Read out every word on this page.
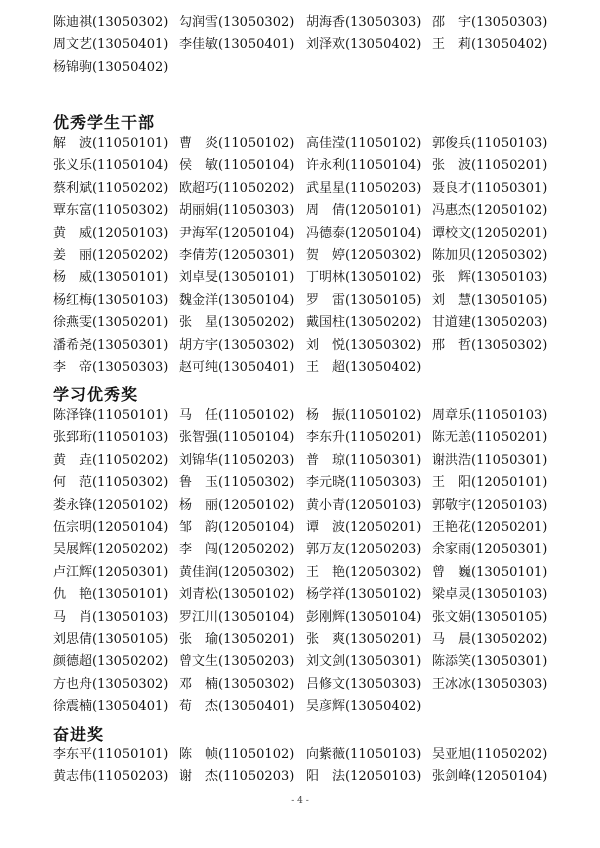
陈迪祺(13050302) 勾润雪(13050302) 胡海香(13050303) 邵　宇(13050303)
周文艺(13050401) 李佳敏(13050401) 刘泽欢(13050402) 王　莉(13050402)
杨锦驹(13050402)
优秀学生干部
解　波(11050101) 曹　炎(11050102) 高佳滢(11050102) 郭俊兵(11050103)
张义乐(11050104) 侯　敏(11050104) 许永利(11050104) 张　波(11050201)
蔡利斌(11050202) 欧超巧(11050202) 武星星(11050203) 聂良才(11050301)
覃东富(11050302) 胡丽娟(11050303) 周　倩(12050101) 冯惠杰(12050102)
黄　威(12050103) 尹海军(12050104) 冯德泰(12050104) 谭校文(12050201)
姜　丽(12050202) 李倩芳(12050301) 贺　婷(12050302) 陈加贝(12050302)
杨　威(13050101) 刘卓旻(13050101) 丁明林(13050102) 张　辉(13050103)
杨红梅(13050103) 魏金洋(13050104) 罗　雷(13050105) 刘　慧(13050105)
徐燕雯(13050201) 张　星(13050202) 戴国柱(13050202) 甘道建(13050203)
潘希尧(13050301) 胡方宇(13050302) 刘　悦(13050302) 邢　哲(13050302)
李　帝(13050303) 赵可纯(13050401) 王　超(13050402)
学习优秀奖
陈泽锋(11050101) 马　任(11050102) 杨　振(11050102) 周章乐(11050103)
张郅珩(11050103) 张智强(11050104) 李东升(11050201) 陈无恙(11050201)
黄　垚(11050202) 刘锦华(11050203) 普　琼(11050301) 谢洪浩(11050301)
何　范(11050302) 鲁　玉(11050302) 李元晓(11050303) 王　阳(12050101)
娄永锋(12050102) 杨　丽(12050102) 黄小青(12050103) 郭敬宇(12050103)
伍宗明(12050104) 邹　韵(12050104) 谭　波(12050201) 王艳花(12050201)
吴展辉(12050202) 李　闯(12050202) 郭万友(12050203) 余家雨(12050301)
卢江辉(12050301) 黄佳润(12050302) 王　艳(12050302) 曾　巍(13050101)
仇　艳(13050101) 刘青松(13050102) 杨学祥(13050102) 梁卓灵(13050103)
马　肖(13050103) 罗江川(13050104) 彭刚辉(13050104) 张文娟(13050105)
刘思倩(13050105) 张　瑜(13050201) 张　爽(13050201) 马　晨(13050202)
颜德超(13050202) 曾文生(13050203) 刘文剑(13050301) 陈添笑(13050301)
方也舟(13050302) 邓　楠(13050302) 吕修文(13050303) 王冰冰(13050303)
徐震楠(13050401) 荀　杰(13050401) 吴彦辉(13050402)
奋进奖
李东平(11050101) 陈　帧(11050102) 向紫薇(11050103) 吴亚旭(11050202)
黄志伟(11050203) 谢　杰(11050203) 阳　法(12050103) 张剑峰(12050104)
- 4 -
